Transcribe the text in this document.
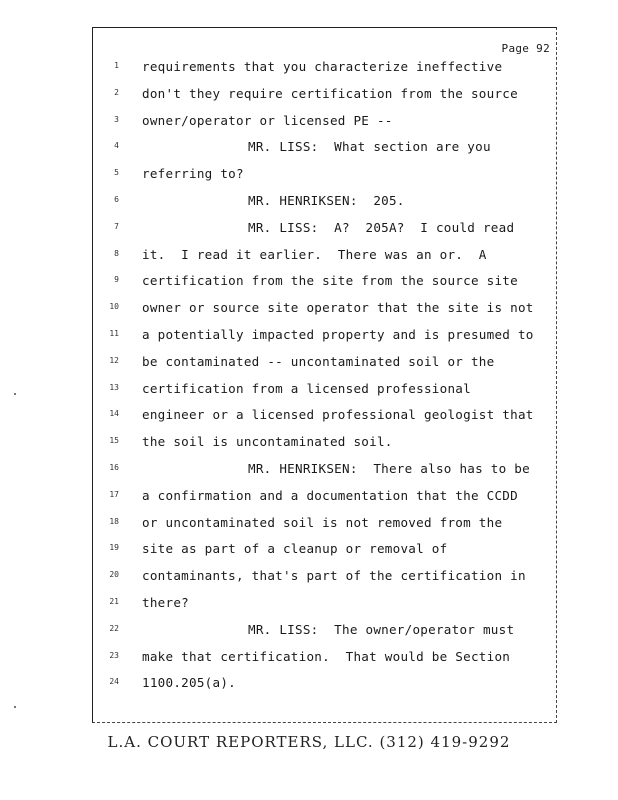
Page 92
1 requirements that you characterize ineffective
2 don't they require certification from the source
3 owner/operator or licensed PE --
4	MR. LISS:  What section are you
5 referring to?
6	MR. HENRIKSEN:  205.
7	MR. LISS:  A?  205A?  I could read
8 it.  I read it earlier.  There was an or.  A
9 certification from the site from the source site
10 owner or source site operator that the site is not
11 a potentially impacted property and is presumed to
12 be contaminated -- uncontaminated soil or the
13 certification from a licensed professional
14 engineer or a licensed professional geologist that
15 the soil is uncontaminated soil.
16	MR. HENRIKSEN:  There also has to be
17 a confirmation and a documentation that the CCDD
18 or uncontaminated soil is not removed from the
19 site as part of a cleanup or removal of
20 contaminants, that's part of the certification in
21 there?
22	MR. LISS:  The owner/operator must
23 make that certification.  That would be Section
24 1100.205(a).
L.A. COURT REPORTERS, LLC. (312) 419-9292
